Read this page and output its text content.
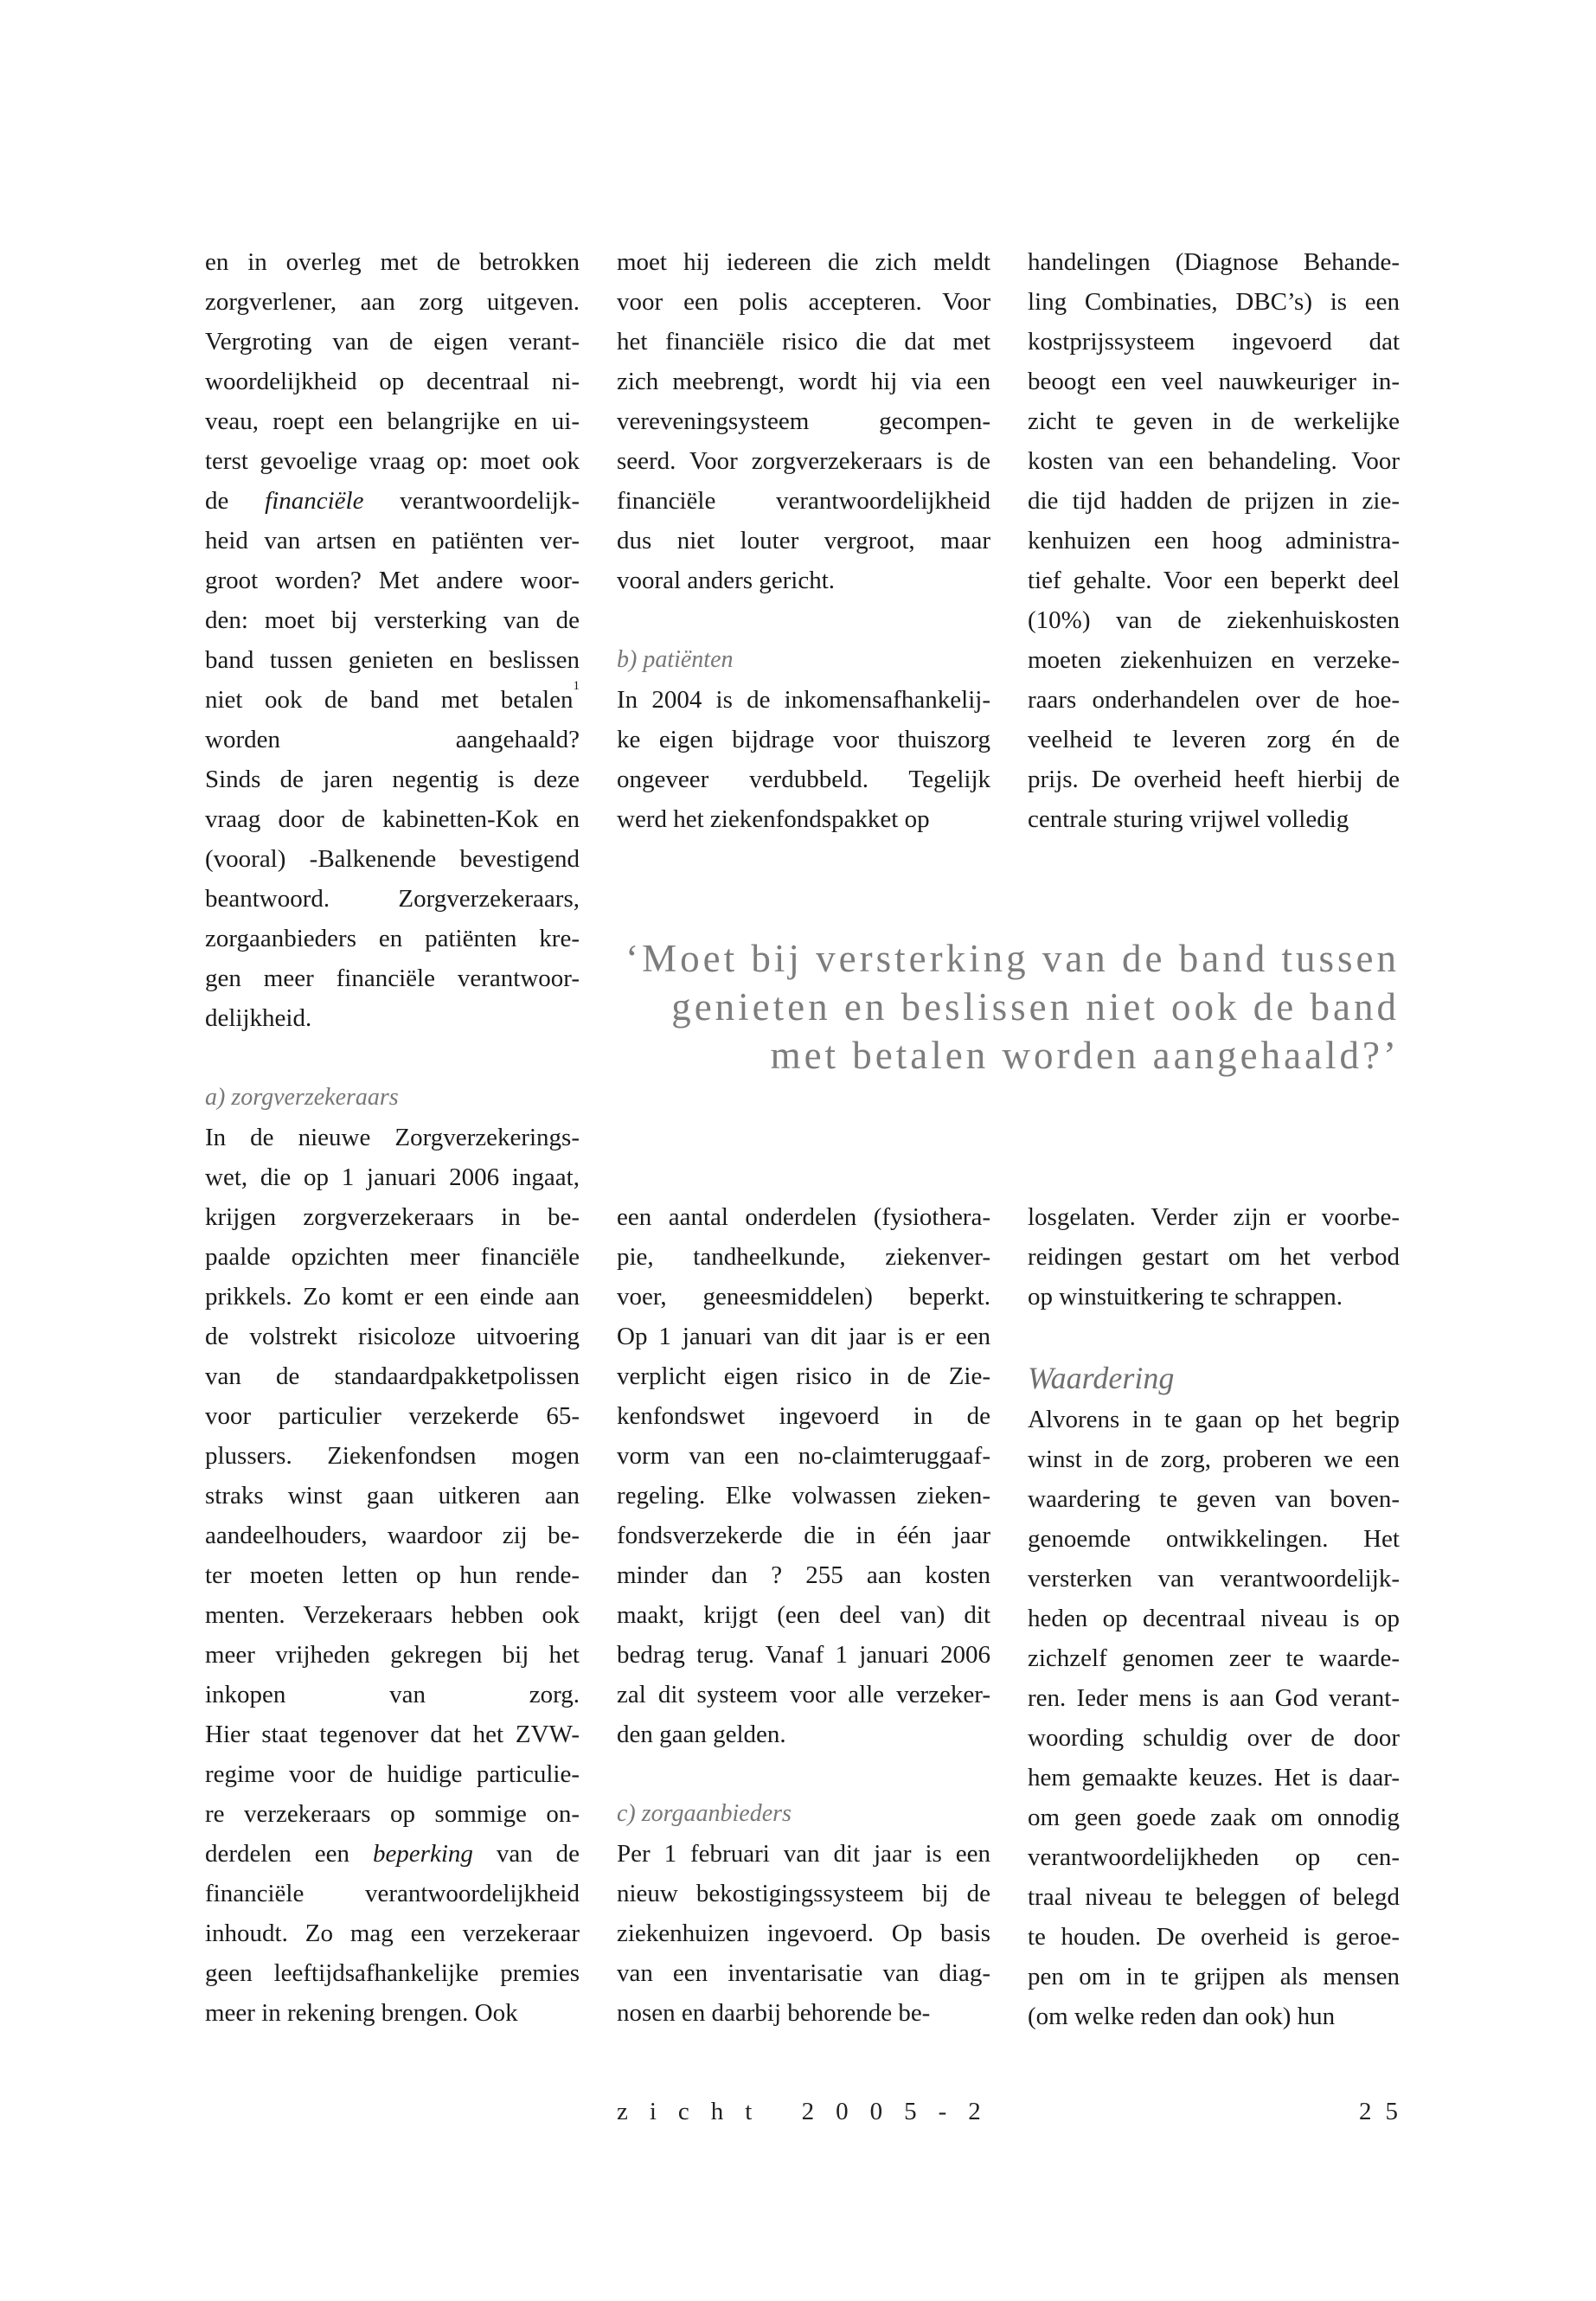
en in overleg met de betrokken
zorgverlener, aan zorg uitgeven.
Vergroting van de eigen verant-
woordelijkheid op decentraal ni-
veau, roept een belangrijke en ui-
terst gevoelige vraag op: moet ook
de financiële verantwoordelijk-
heid van artsen en patiënten ver-
groot worden? Met andere woor-
den: moet bij versterking van de
band tussen genieten en beslissen
niet ook de band met betalen$^1$
worden aangehaald?
Sinds de jaren negentig is deze
vraag door de kabinetten-Kok en
(vooral) -Balkenende bevestigend
beantwoord. Zorgverzekeraars,
zorgaanbieders en patiënten kre-
gen meer financiële verantwoor-
delijkheid.
a) zorgverzekeraars
In de nieuwe Zorgverzekerings-
wet, die op 1 januari 2006 ingaat,
krijgen zorgverzekeraars in be-
paalde opzichten meer financiële
prikkels. Zo komt er een einde aan
de volstrekt risicoloze uitvoering
van de standaardpakketpolissen
voor particulier verzekerde 65-
plussers. Ziekenfondsen mogen
straks winst gaan uitkeren aan
aandeelhouders, waardoor zij be-
ter moeten letten op hun rende-
menten. Verzekeraars hebben ook
meer vrijheden gekregen bij het
inkopen van zorg.
Hier staat tegenover dat het ZVW-
regime voor de huidige particulie-
re verzekeraars op sommige on-
derdelen een beperking van de
financiële verantwoordelijkheid
inhoudt. Zo mag een verzekeraar
geen leeftijdsafhankelijke premies
meer in rekening brengen. Ook
moet hij iedereen die zich meldt
voor een polis accepteren. Voor
het financiële risico die dat met
zich meebrengt, wordt hij via een
vereveningsysteem gecompen-
seerd. Voor zorgverzekeraars is de
financiële verantwoordelijkheid
dus niet louter vergroot, maar
vooral anders gericht.
b) patiënten
In 2004 is de inkomensafhankelij-
ke eigen bijdrage voor thuiszorg
ongeveer verdubbeld. Tegelijk
werd het ziekenfondspakket op
handelingen (Diagnose Behande-
ling Combinaties, DBC’s) is een
kostprijssysteem ingevoerd dat
beoogt een veel nauwkeuriger in-
zicht te geven in de werkelijke
kosten van een behandeling. Voor
die tijd hadden de prijzen in zie-
kenhuizen een hoog administra-
tief gehalte. Voor een beperkt deel
(10%) van de ziekenhuiskosten
moeten ziekenhuizen en verzeke-
raars onderhandelen over de hoe-
veelheid te leveren zorg én de
prijs. De overheid heeft hierbij de
centrale sturing vrijwel volledig
‘Moet bij versterking van de band tussen
genieten en beslissen niet ook de band
met betalen worden aangehaald?’
een aantal onderdelen (fysiothera-
pie, tandheelkunde, ziekenver-
voer, geneesmiddelen) beperkt.
Op 1 januari van dit jaar is er een
verplicht eigen risico in de Zie-
kenfondswet ingevoerd in de
vorm van een no-claimteruggaaf-
regeling. Elke volwassen zieken-
fondsverzekerde die in één jaar
minder dan ? 255 aan kosten
maakt, krijgt (een deel van) dit
bedrag terug. Vanaf 1 januari 2006
zal dit systeem voor alle verzeker-
den gaan gelden.
c) zorgaanbieders
Per 1 februari van dit jaar is een
nieuw bekostigingssysteem bij de
ziekenhuizen ingevoerd. Op basis
van een inventarisatie van diag-
nosen en daarbij behorende be-
losgelaten. Verder zijn er voorbe-
reidingen gestart om het verbod
op winstuitkering te schrappen.
Waardering
Alvorens in te gaan op het begrip
winst in de zorg, proberen we een
waardering te geven van boven-
genoemde ontwikkelingen. Het
versterken van verantwoordelijk-
heden op decentraal niveau is op
zichzelf genomen zeer te waarde-
ren. Ieder mens is aan God verant-
woording schuldig over de door
hem gemaakte keuzes. Het is daar-
om geen goede zaak om onnodig
verantwoordelijkheden op cen-
traal niveau te beleggen of belegd
te houden. De overheid is geroe-
pen om in te grijpen als mensen
(om welke reden dan ook) hun
zicht 2005-2	25
